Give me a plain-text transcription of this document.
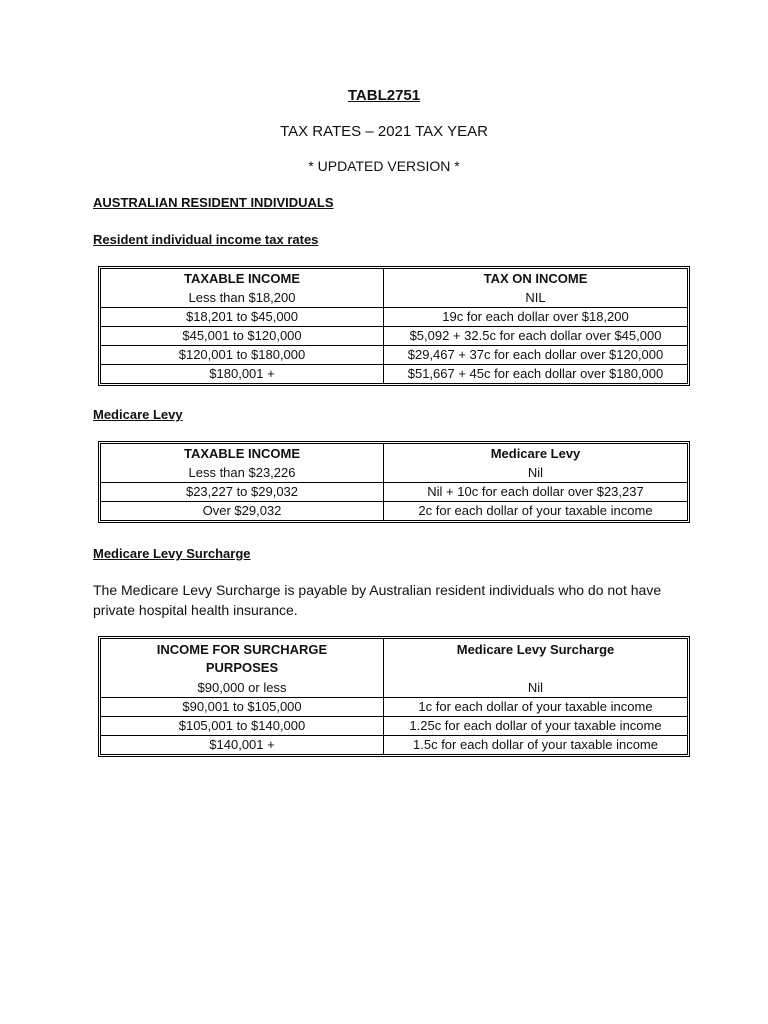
TABL2751
TAX RATES – 2021 TAX YEAR
* UPDATED VERSION *
AUSTRALIAN RESIDENT INDIVIDUALS
Resident individual income tax rates
TAXABLE INCOME	TAX ON INCOME
Less than $18,200	NIL
$18,201 to $45,000	19c for each dollar over $18,200
$45,001 to $120,000	$5,092 + 32.5c for each dollar over $45,000
$120,001 to $180,000	$29,467 + 37c for each dollar over $120,000
$180,001 +	$51,667 + 45c for each dollar over $180,000
Medicare Levy
TAXABLE INCOME	Medicare Levy
Less than $23,226	Nil
$23,227 to $29,032	Nil + 10c for each dollar over $23,237
Over $29,032	2c for each dollar of your taxable income
Medicare Levy Surcharge
The Medicare Levy Surcharge is payable by Australian resident individuals who do not have private hospital health insurance.
INCOME FOR SURCHARGE PURPOSES	Medicare Levy Surcharge
$90,000 or less	Nil
$90,001 to $105,000	1c for each dollar of your taxable income
$105,001 to $140,000	1.25c for each dollar of your taxable income
$140,001 +	1.5c for each dollar of your taxable income
